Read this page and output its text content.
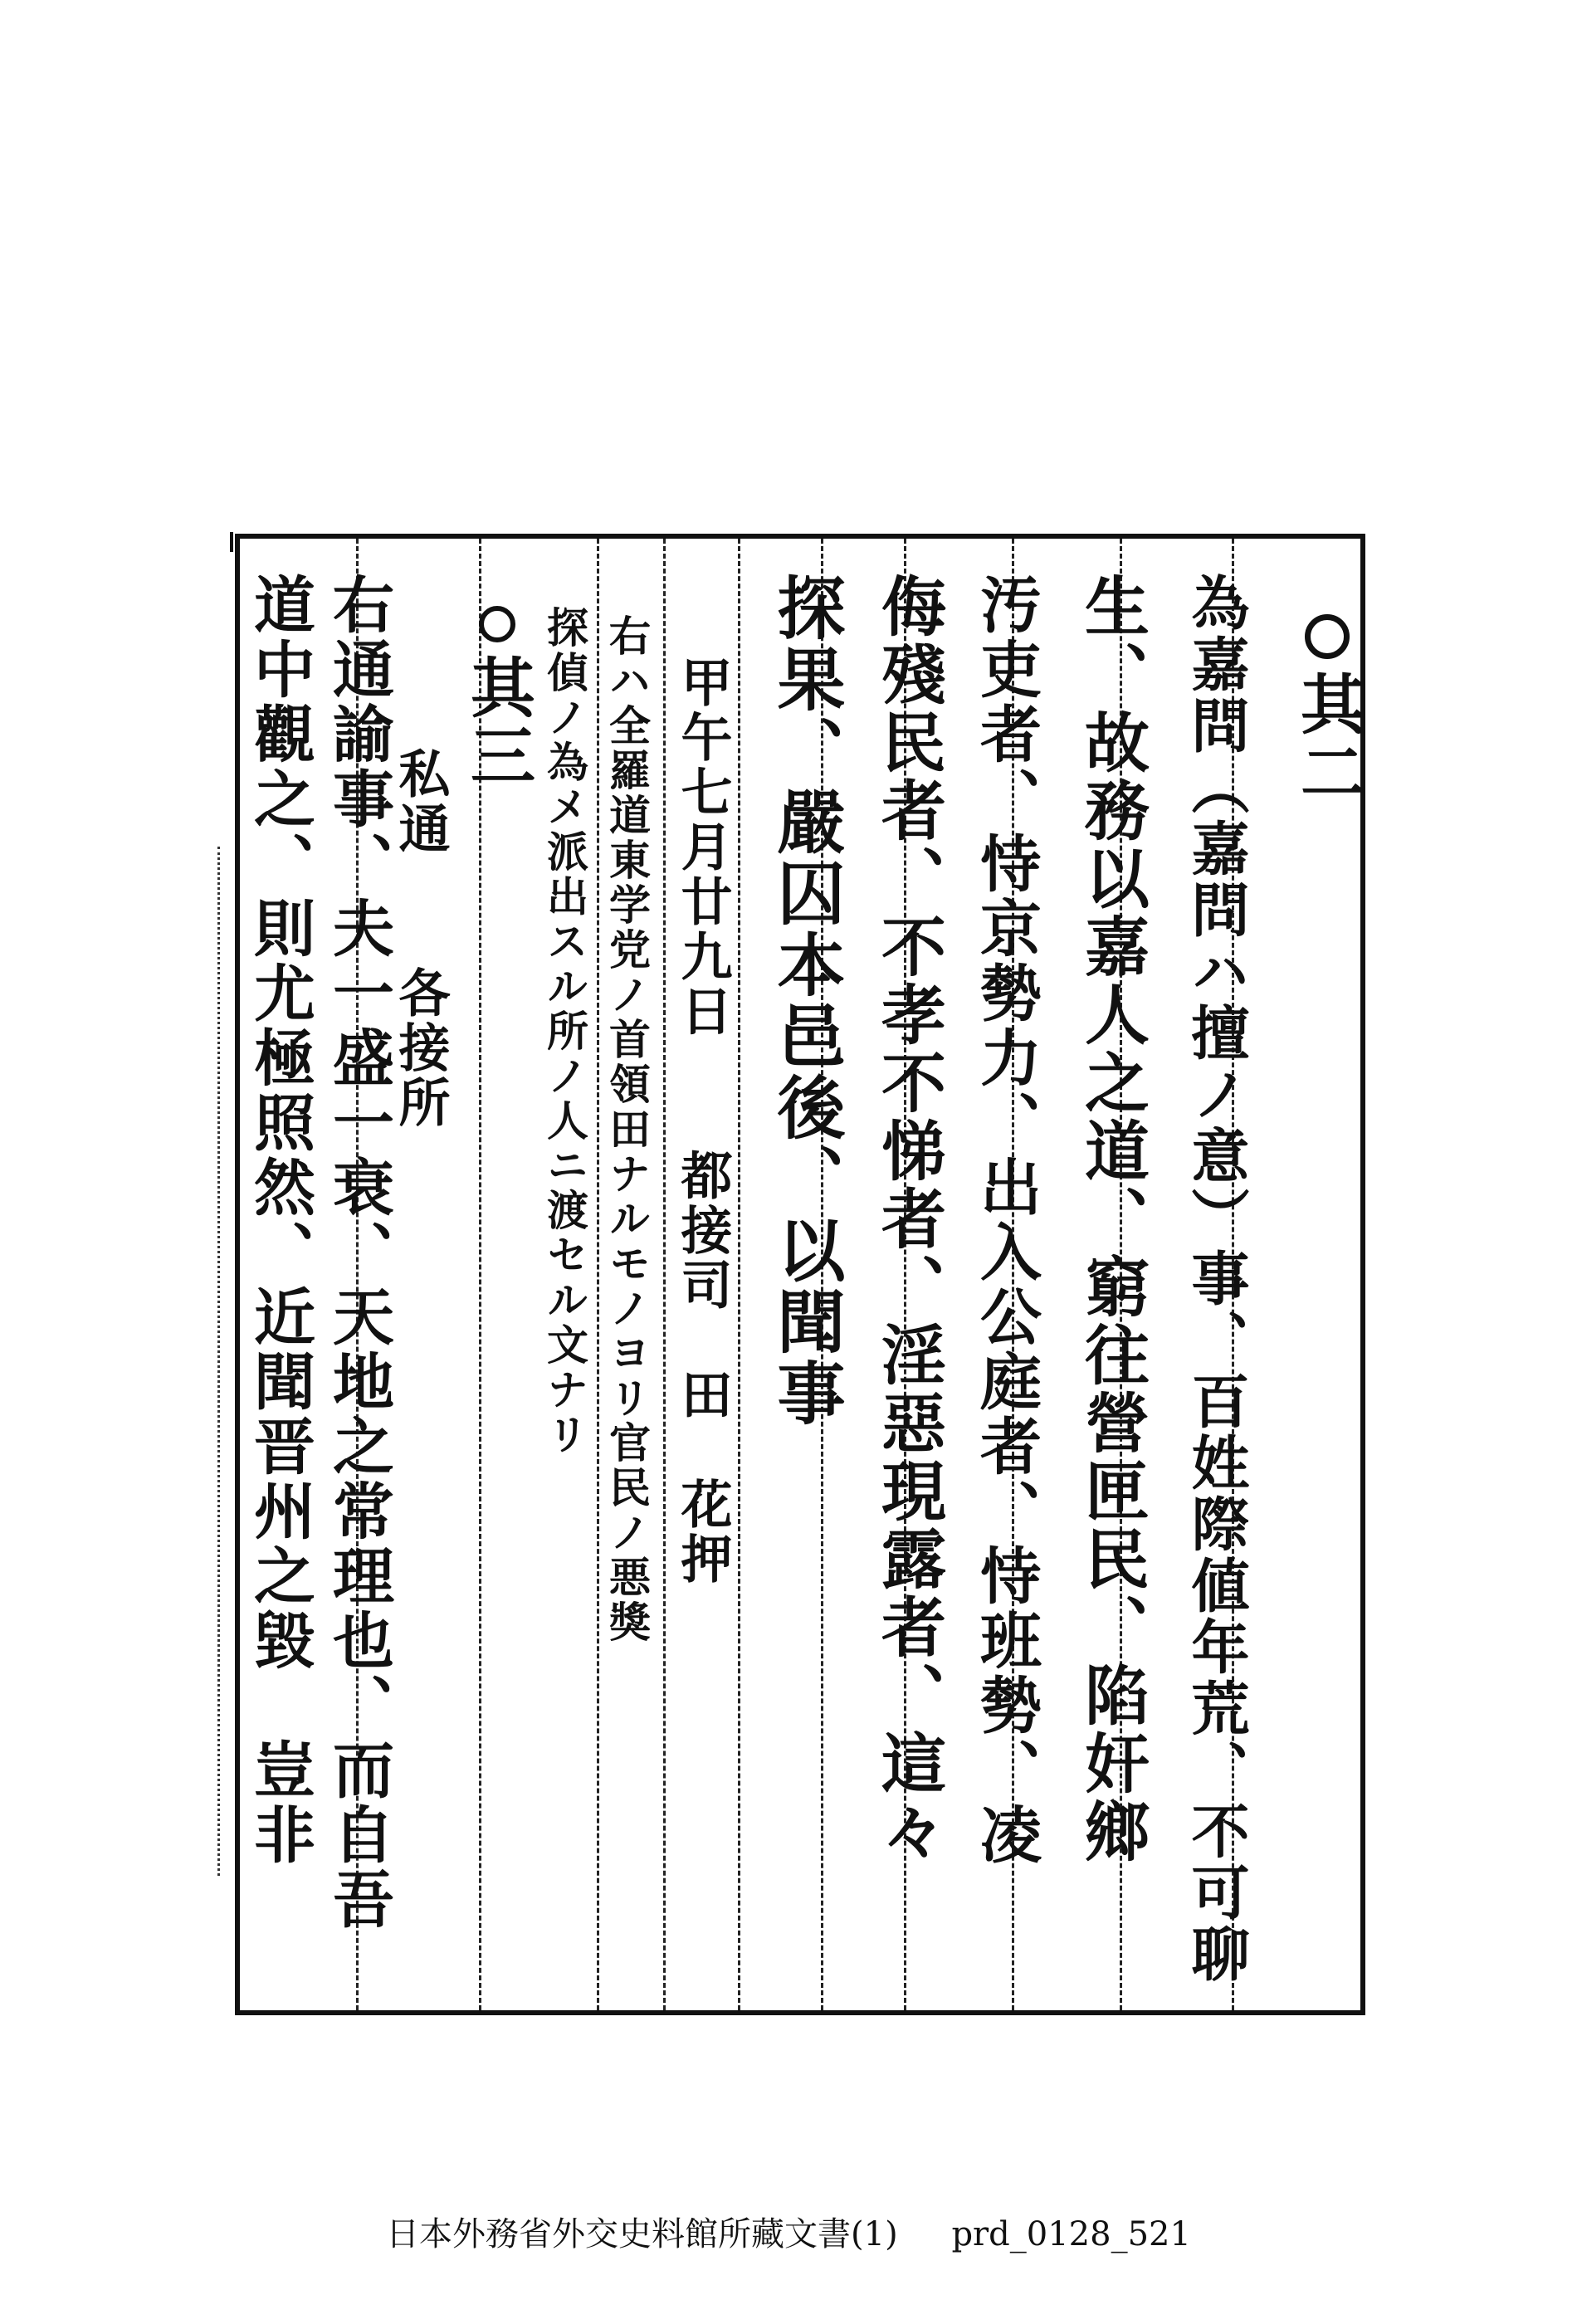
其二
為嘉問（嘉問ハ擅ノ意）事、百姓際値年荒、不可聊
生、故務以嘉人之道、窮往營匣民、陷奸鄉
汚吏者、恃京勢力、出入公庭者、恃班勢、凌
侮殘民者、不孝不悌者、淫惡現露者、這々
探果、嚴囚本邑後、以聞事
甲午七月廿九日　　都接司　田　花押
右ハ全羅道東学党ノ首領田ナルモノヨリ官民ノ悪獎
探偵ノ為メ派出スル所ノ人ニ渡セル文ナリ
其三
私通　　各接所
右通諭事、夫一盛一衰、天地之常理也、而自吾
道中觀之、則尤極照然、近聞晋州之毀　豈非
日本外務省外交史料館所藏文書(1) prd_0128_521
